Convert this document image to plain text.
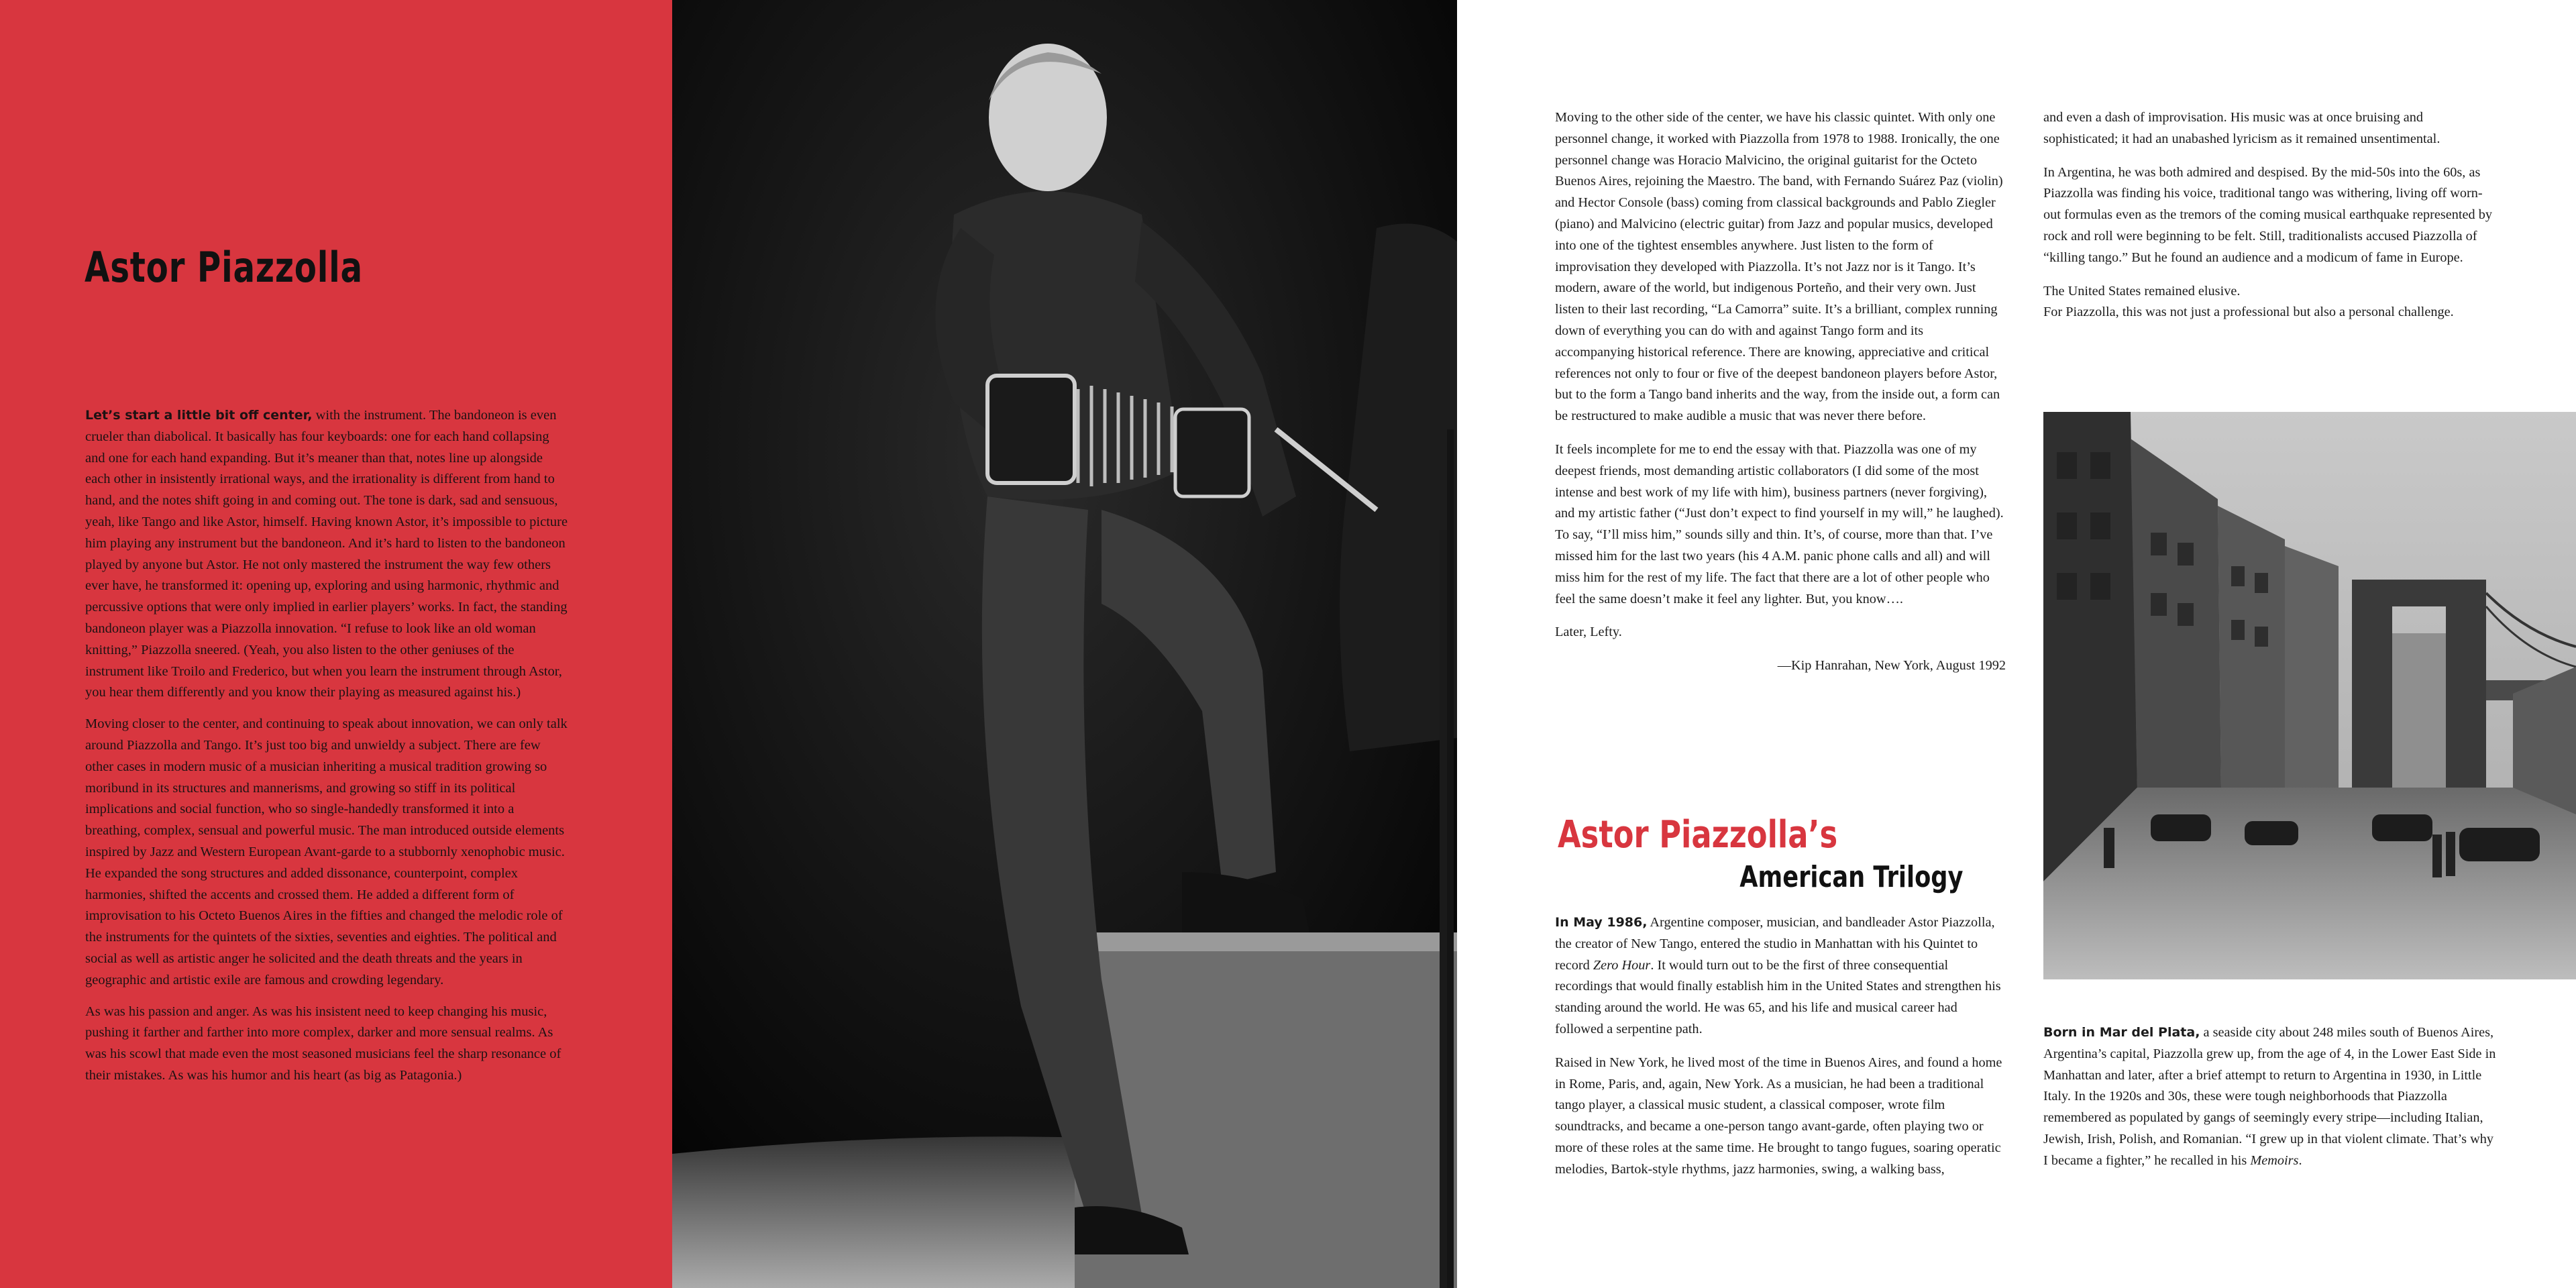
Astor Piazzolla

Let’s start a little bit off center, with the instrument. The bandoneon is even crueler than diabolical. It basically has four keyboards: one for each hand collapsing and one for each hand expanding. But it’s meaner than that, notes line up alongside each other in insistently irrational ways, and the irrationality is different from hand to hand, and the notes shift going in and coming out. The tone is dark, sad and sensuous, yeah, like Tango and like Astor, himself. Having known Astor, it’s impossible to picture him playing any instrument but the bandoneon. And it’s hard to listen to the bandoneon played by anyone but Astor. He not only mastered the instrument the way few others ever have, he transformed it: opening up, exploring and using harmonic, rhythmic and percussive options that were only implied in earlier players’ works. In fact, the standing bandoneon player was a Piazzolla innovation. “I refuse to look like an old woman knitting,” Piazzolla sneered. (Yeah, you also listen to the other geniuses of the instrument like Troilo and Frederico, but when you learn the instrument through Astor, you hear them differently and you know their playing as measured against his.)

Moving closer to the center, and continuing to speak about innovation, we can only talk around Piazzolla and Tango. It’s just too big and unwieldy a subject. There are few other cases in modern music of a musician inheriting a musical tradition growing so moribund in its structures and mannerisms, and growing so stiff in its political implications and social function, who so single-handedly transformed it into a breathing, complex, sensual and powerful music. The man introduced outside elements inspired by Jazz and Western European Avant-garde to a stubbornly xenophobic music. He expanded the song structures and added dissonance, counterpoint, complex harmonies, shifted the accents and crossed them. He added a different form of improvisation to his Octeto Buenos Aires in the fifties and changed the melodic role of the instruments for the quintets of the sixties, seventies and eighties. The political and social as well as artistic anger he solicited and the death threats and the years in geographic and artistic exile are famous and crowding legendary.

As was his passion and anger. As was his insistent need to keep changing his music, pushing it farther and farther into more complex, darker and more sensual realms. As was his scowl that made even the most seasoned musicians feel the sharp resonance of their mistakes. As was his humor and his heart (as big as Patagonia.)

Moving to the other side of the center, we have his classic quintet. With only one personnel change, it worked with Piazzolla from 1978 to 1988. Ironically, the one personnel change was Horacio Malvicino, the original guitarist for the Octeto Buenos Aires, rejoining the Maestro. The band, with Fernando Suárez Paz (violin) and Hector Console (bass) coming from classical backgrounds and Pablo Ziegler (piano) and Malvicino (electric guitar) from Jazz and popular musics, developed into one of the tightest ensembles anywhere. Just listen to the form of improvisation they developed with Piazzolla. It’s not Jazz nor is it Tango. It’s modern, aware of the world, but indigenous Porteño, and their very own. Just listen to their last recording, “La Camorra” suite. It’s a brilliant, complex running down of everything you can do with and against Tango form and its accompanying historical reference. There are knowing, appreciative and critical references not only to four or five of the deepest bandoneon players before Astor, but to the form a Tango band inherits and the way, from the inside out, a form can be restructured to make audible a music that was never there before.

It feels incomplete for me to end the essay with that. Piazzolla was one of my deepest friends, most demanding artistic collaborators (I did some of the most intense and best work of my life with him), business partners (never forgiving), and my artistic father (“Just don’t expect to find yourself in my will,” he laughed). To say, “I’ll miss him,” sounds silly and thin. It’s, of course, more than that. I’ve missed him for the last two years (his 4 A.M. panic phone calls and all) and will miss him for the rest of my life. The fact that there are a lot of other people who feel the same doesn’t make it feel any lighter. But, you know….

Later, Lefty.

—Kip Hanrahan, New York, August 1992

Astor Piazzolla’s
American Trilogy

In May 1986, Argentine composer, musician, and bandleader Astor Piazzolla, the creator of New Tango, entered the studio in Manhattan with his Quintet to record Zero Hour. It would turn out to be the first of three consequential recordings that would finally establish him in the United States and strengthen his standing around the world. He was 65, and his life and musical career had followed a serpentine path.

Raised in New York, he lived most of the time in Buenos Aires, and found a home in Rome, Paris, and, again, New York. As a musician, he had been a traditional tango player, a classical music student, a classical composer, wrote film soundtracks, and became a one-person tango avant-garde, often playing two or more of these roles at the same time. He brought to tango fugues, soaring operatic melodies, Bartok-style rhythms, jazz harmonies, swing, a walking bass,

and even a dash of improvisation. His music was at once bruising and sophisticated; it had an unabashed lyricism as it remained unsentimental.

In Argentina, he was both admired and despised. By the mid-50s into the 60s, as Piazzolla was finding his voice, traditional tango was withering, living off worn-out formulas even as the tremors of the coming musical earthquake represented by rock and roll were beginning to be felt. Still, traditionalists accused Piazzolla of “killing tango.” But he found an audience and a modicum of fame in Europe.

The United States remained elusive.
For Piazzolla, this was not just a professional but also a personal challenge.

Born in Mar del Plata, a seaside city about 248 miles south of Buenos Aires, Argentina’s capital, Piazzolla grew up, from the age of 4, in the Lower East Side in Manhattan and later, after a brief attempt to return to Argentina in 1930, in Little Italy. In the 1920s and 30s, these were tough neighborhoods that Piazzolla remembered as populated by gangs of seemingly every stripe—including Italian, Jewish, Irish, Polish, and Romanian. “I grew up in that violent climate. That’s why I became a fighter,” he recalled in his Memoirs.
